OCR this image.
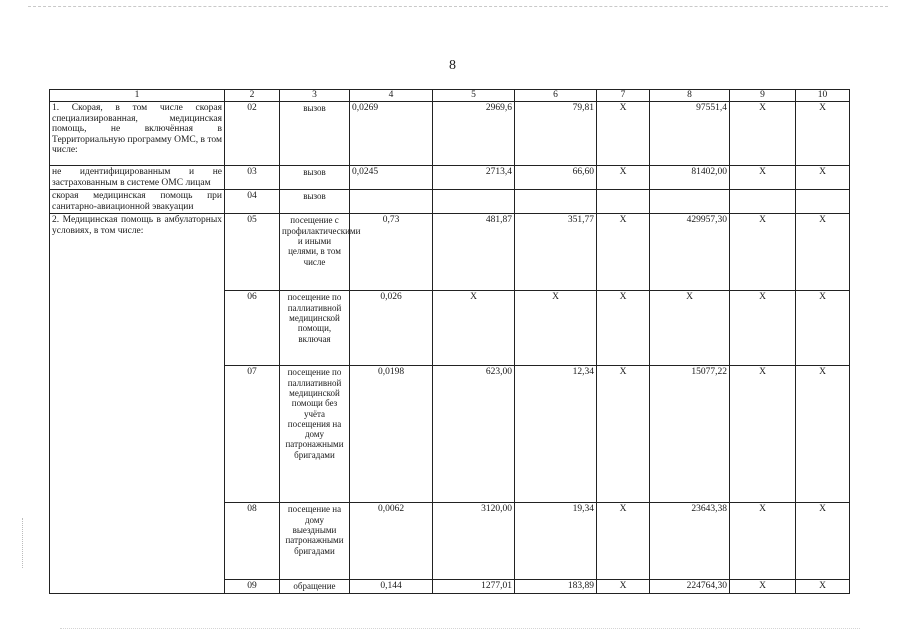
8
1	2	3	4	5	6	7	8	9	10
1. Скорая, в том числе скорая специализированная, медицинская помощь, не включённая в Территориальную программу ОМС, в том числе:	02	вызов	0,0269	2969,6	79,81	X	97551,4	X	X
не идентифицированным и не застрахованным в системе ОМС лицам	03	вызов	0,0245	2713,4	66,60	X	81402,00	X	X
скорая медицинская помощь при санитарно-авиационной эвакуации	04	вызов							
2. Медицинская помощь в амбулаторных условиях, в том числе:	05	посещение с профилактическими и иными целями, в том числе	0,73	481,87	351,77	X	429957,30	X	X
	06	посещение по паллиативной медицинской помощи, включая	0,026	X	X	X	X	X	X
	07	посещение по паллиативной медицинской помощи без учёта посещения на дому патронажными бригадами	0,0198	623,00	12,34	X	15077,22	X	X
	08	посещение на дому выездными патронажными бригадами	0,0062	3120,00	19,34	X	23643,38	X	X
	09	обращение	0,144	1277,01	183,89	X	224764,30	X	X
